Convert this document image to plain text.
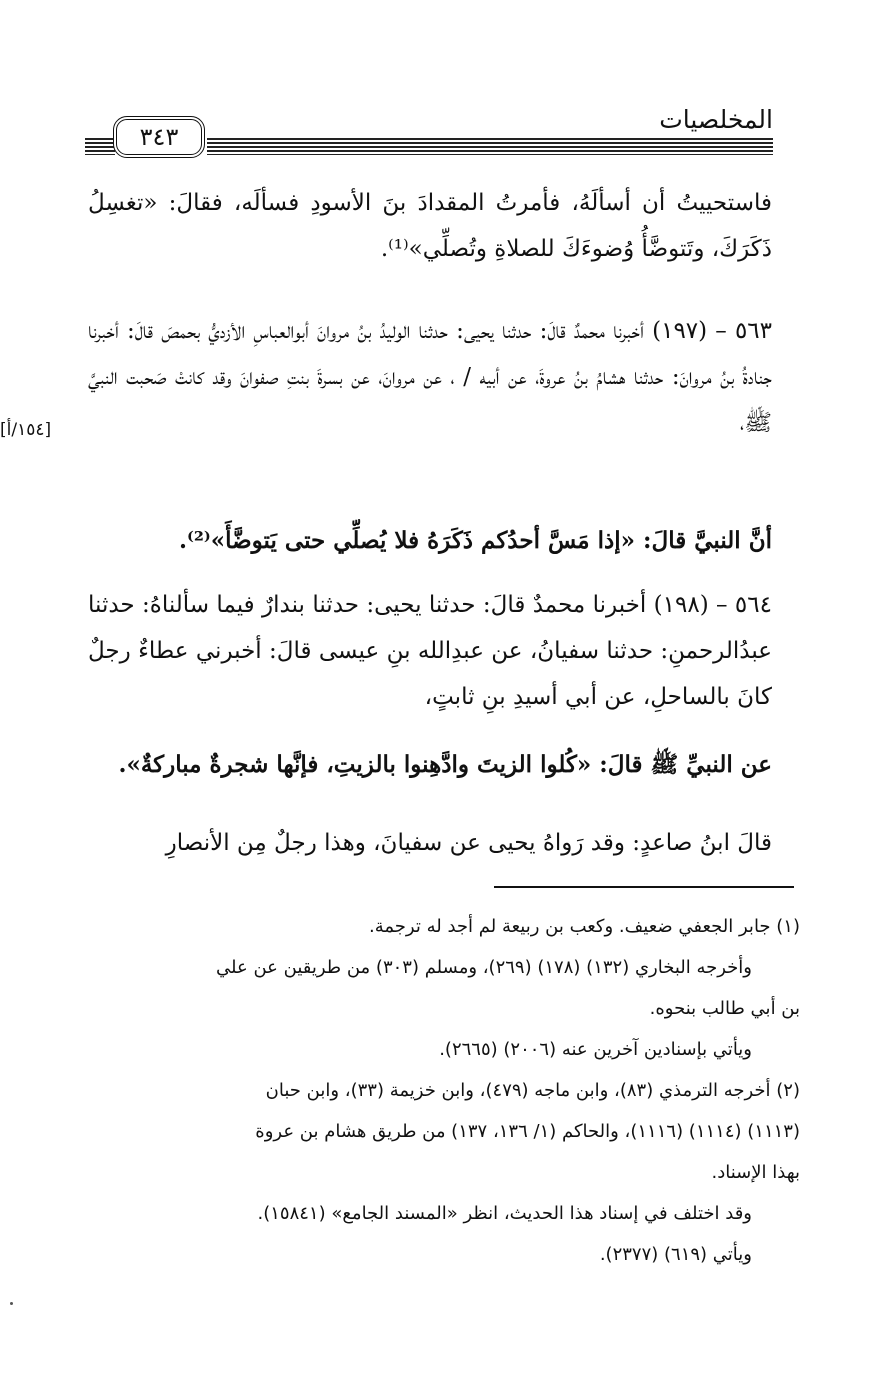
٣٤٣
المخلصيات
فاستحييتُ أن أسألَهُ، فأمرتُ المقدادَ بنَ الأسودِ فسألَه، فقالَ: «تغسِلُ ذَكَرَكَ، وتَتوضَّأُ وُضوءَكَ للصلاةِ وتُصلِّي»⁽¹⁾.
٥٦٣ – (١٩٧) أخبرنا محمدٌ قالَ: حدثنا يحيى: حدثنا الوليدُ بنُ مروانَ أبوالعباسِ الأزديُّ بحمصَ قالَ: أخبرنا جنادةُ بنُ مروانَ: حدثنا هشامُ بنُ عروةَ، عن أبيه / ، عن مروانَ، عن بسرةَ بنتِ صفوانَ وقد كانتْ صَحبت النبيَّ ﷺ،
[١٥٤/أ]
أنَّ النبيَّ قالَ: «إذا مَسَّ أحدُكم ذَكَرَهُ فلا يُصلِّي حتى يَتوضَّأَ»⁽²⁾.
٥٦٤ – (١٩٨) أخبرنا محمدٌ قالَ: حدثنا يحيى: حدثنا بندارٌ فيما سألناهُ: حدثنا عبدُالرحمنِ: حدثنا سفيانُ، عن عبدِالله بنِ عيسى قالَ: أخبرني عطاءٌ رجلٌ كانَ بالساحلِ، عن أبي أسيدِ بنِ ثابتٍ،
عن النبيِّ ﷺ قالَ: «كُلوا الزيتَ وادَّهِنوا بالزيتِ، فإنَّها شجرةٌ مباركةٌ».
قالَ ابنُ صاعدٍ: وقد رَواهُ يحيى عن سفيانَ، وهذا رجلٌ مِن الأنصارِ
(١) جابر الجعفي ضعيف. وكعب بن ربيعة لم أجد له ترجمة.
وأخرجه البخاري (١٣٢) (١٧٨) (٢٦٩)، ومسلم (٣٠٣) من طريقين عن علي
بن أبي طالب بنحوه.
ويأتي بإسنادين آخرين عنه (٢٠٠٦) (٢٦٦٥).
(٢) أخرجه الترمذي (٨٣)، وابن ماجه (٤٧٩)، وابن خزيمة (٣٣)، وابن حبان
(١١١٣) (١١١٤) (١١١٦)، والحاكم (١/ ١٣٦، ١٣٧) من طريق هشام بن عروة
بهذا الإسناد.
وقد اختلف في إسناد هذا الحديث، انظر «المسند الجامع» (١٥٨٤١).
ويأتي (٦١٩) (٢٣٧٧).
